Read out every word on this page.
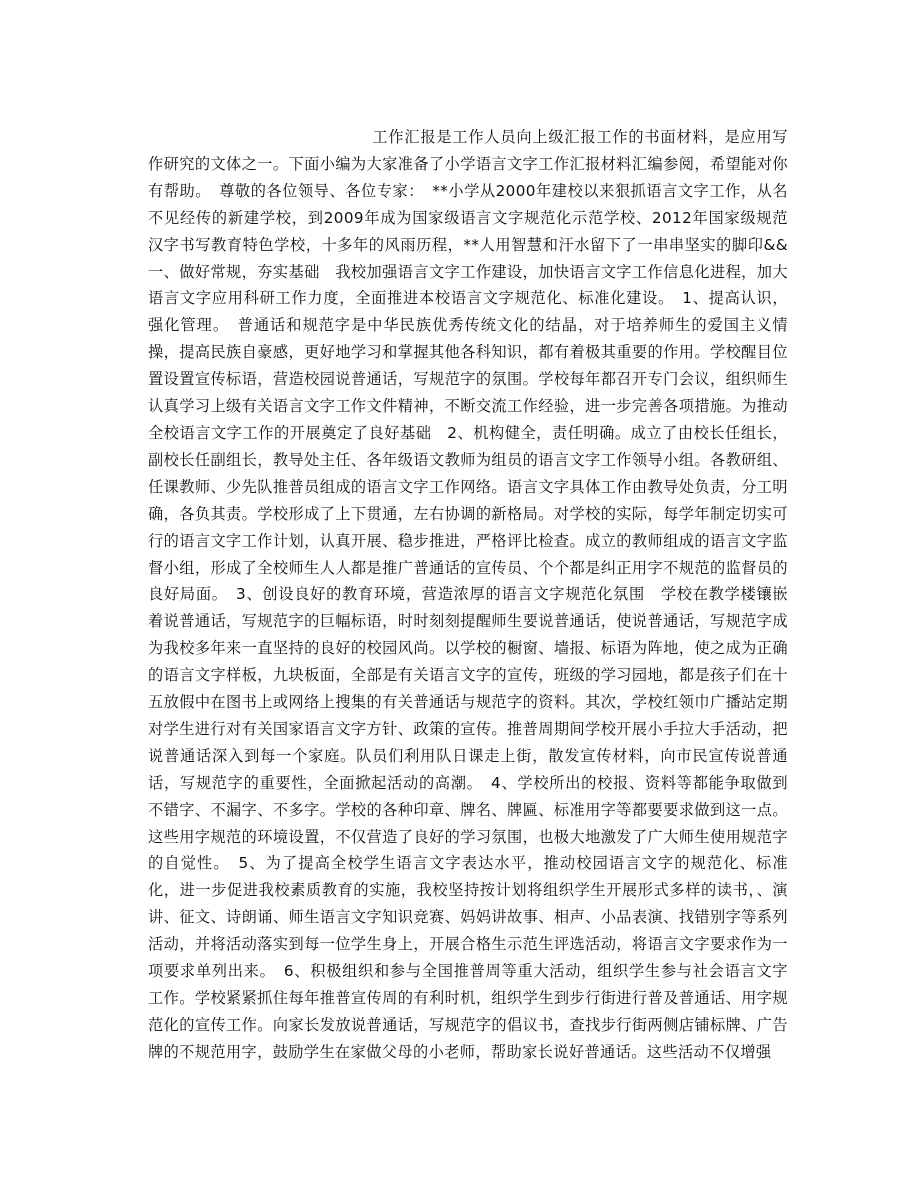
工作汇报是工作人员向上级汇报工作的书面材料，是应用写作研究的文体之一。下面小编为大家准备了小学语言文字工作汇报材料汇编参阅，希望能对你有帮助。　尊敬的各位领导、各位专家：　**小学从2000年建校以来狠抓语言文字工作，从名不见经传的新建学校，到2009年成为国家级语言文字规范化示范学校、2012年国家级规范汉字书写教育特色学校，十多年的风雨历程，**人用智慧和汗水留下了一串串坚实的脚印&&　一、做好常规，夯实基础　我校加强语言文字工作建设，加快语言文字工作信息化进程，加大语言文字应用科研工作力度，全面推进本校语言文字规范化、标准化建设。　1、提高认识，强化管理。　普通话和规范字是中华民族优秀传统文化的结晶，对于培养师生的爱国主义情操，提高民族自豪感，更好地学习和掌握其他各科知识，都有着极其重要的作用。学校醒目位置设置宣传标语，营造校园说普通话，写规范字的氛围。学校每年都召开专门会议，组织师生认真学习上级有关语言文字工作文件精神，不断交流工作经验，进一步完善各项措施。为推动全校语言文字工作的开展奠定了良好基础　2、机构健全，责任明确。成立了由校长任组长，副校长任副组长，教导处主任、各年级语文教师为组员的语言文字工作领导小组。各教研组、任课教师、少先队推普员组成的语言文字工作网络。语言文字具体工作由教导处负责，分工明确，各负其责。学校形成了上下贯通，左右协调的新格局。对学校的实际，每学年制定切实可行的语言文字工作计划，认真开展、稳步推进，严格评比检查。成立的教师组成的语言文字监督小组，形成了全校师生人人都是推广普通话的宣传员、个个都是纠正用字不规范的监督员的良好局面。　3、创设良好的教育环境，营造浓厚的语言文字规范化氛围　学校在教学楼镶嵌着说普通话，写规范字的巨幅标语，时时刻刻提醒师生要说普通话，使说普通话，写规范字成为我校多年来一直坚持的良好的校园风尚。以学校的橱窗、墙报、标语为阵地，使之成为正确的语言文字样板，九块板面，全部是有关语言文字的宣传，班级的学习园地，都是孩子们在十五放假中在图书上或网络上搜集的有关普通话与规范字的资料。其次，学校红领巾广播站定期对学生进行对有关国家语言文字方针、政策的宣传。推普周期间学校开展小手拉大手活动，把说普通话深入到每一个家庭。队员们利用队日课走上街，散发宣传材料，向市民宣传说普通话，写规范字的重要性，全面掀起活动的高潮。　4、学校所出的校报、资料等都能争取做到不错字、不漏字、不多字。学校的各种印章、牌名、牌匾、标准用字等都要要求做到这一点。这些用字规范的环境设置，不仅营造了良好的学习氛围，也极大地激发了广大师生使用规范字的自觉性。　5、为了提高全校学生语言文字表达水平，推动校园语言文字的规范化、标准化，进一步促进我校素质教育的实施，我校坚持按计划将组织学生开展形式多样的读书，、演讲、征文、诗朗诵、师生语言文字知识竞赛、妈妈讲故事、相声、小品表演、找错别字等系列活动，并将活动落实到每一位学生身上，开展合格生示范生评选活动，将语言文字要求作为一项要求单列出来。　6、积极组织和参与全国推普周等重大活动，组织学生参与社会语言文字工作。学校紧紧抓住每年推普宣传周的有利时机，组织学生到步行街进行普及普通话、用字规范化的宣传工作。向家长发放说普通话，写规范字的倡议书，查找步行街两侧店铺标牌、广告牌的不规范用字，鼓励学生在家做父母的小老师，帮助家长说好普通话。这些活动不仅增强
